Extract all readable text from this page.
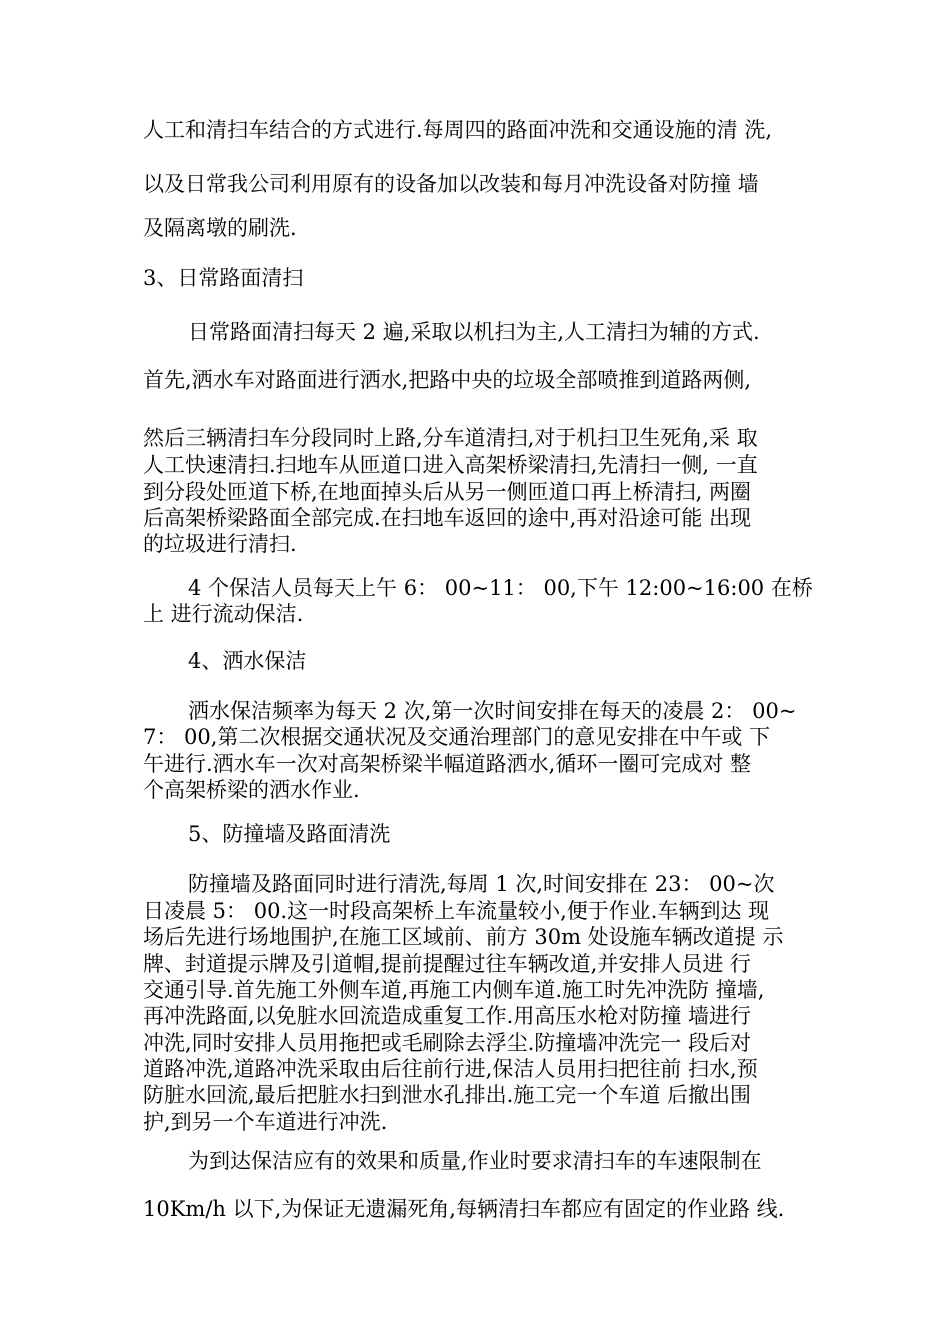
人工和清扫车结合的方式进行.每周四的路面冲洗和交通设施的清 洗,
以及日常我公司利用原有的设备加以改装和每月冲洗设备对防撞 墙
及隔离墩的刷洗.
3、日常路面清扫
日常路面清扫每天 2 遍,采取以机扫为主,人工清扫为辅的方式.
首先,洒水车对路面进行洒水,把路中央的垃圾全部喷推到道路两侧,
然后三辆清扫车分段同时上路,分车道清扫,对于机扫卫生死角,采 取
人工快速清扫.扫地车从匝道口进入高架桥梁清扫,先清扫一侧, 一直
到分段处匝道下桥,在地面掉头后从另一侧匝道口再上桥清扫, 两圈
后高架桥梁路面全部完成.在扫地车返回的途中,再对沿途可能 出现
的垃圾进行清扫.
4 个保洁人员每天上午 6： 00~11： 00,下午 12:00~16:00 在桥
上 进行流动保洁.
4、洒水保洁
洒水保洁频率为每天 2 次,第一次时间安排在每天的凌晨 2： 00~
7： 00,第二次根据交通状况及交通治理部门的意见安排在中午或 下
午进行.洒水车一次对高架桥梁半幅道路洒水,循环一圈可完成对 整
个高架桥梁的洒水作业.
5、防撞墙及路面清洗
防撞墙及路面同时进行清洗,每周 1 次,时间安排在 23： 00~次
日凌晨 5： 00.这一时段高架桥上车流量较小,便于作业.车辆到达 现
场后先进行场地围护,在施工区域前、前方 30m 处设施车辆改道提 示
牌、封道提示牌及引道帽,提前提醒过往车辆改道,并安排人员进 行
交通引导.首先施工外侧车道,再施工内侧车道.施工时先冲洗防 撞墙,
再冲洗路面,以免脏水回流造成重复工作.用高压水枪对防撞 墙进行
冲洗,同时安排人员用拖把或毛刷除去浮尘.防撞墙冲洗完一 段后对
道路冲洗,道路冲洗采取由后往前行进,保洁人员用扫把往前 扫水,预
防脏水回流,最后把脏水扫到泄水孔排出.施工完一个车道 后撤出围
护,到另一个车道进行冲洗.
为到达保洁应有的效果和质量,作业时要求清扫车的车速限制在
10Km/h 以下,为保证无遗漏死角,每辆清扫车都应有固定的作业路 线.
